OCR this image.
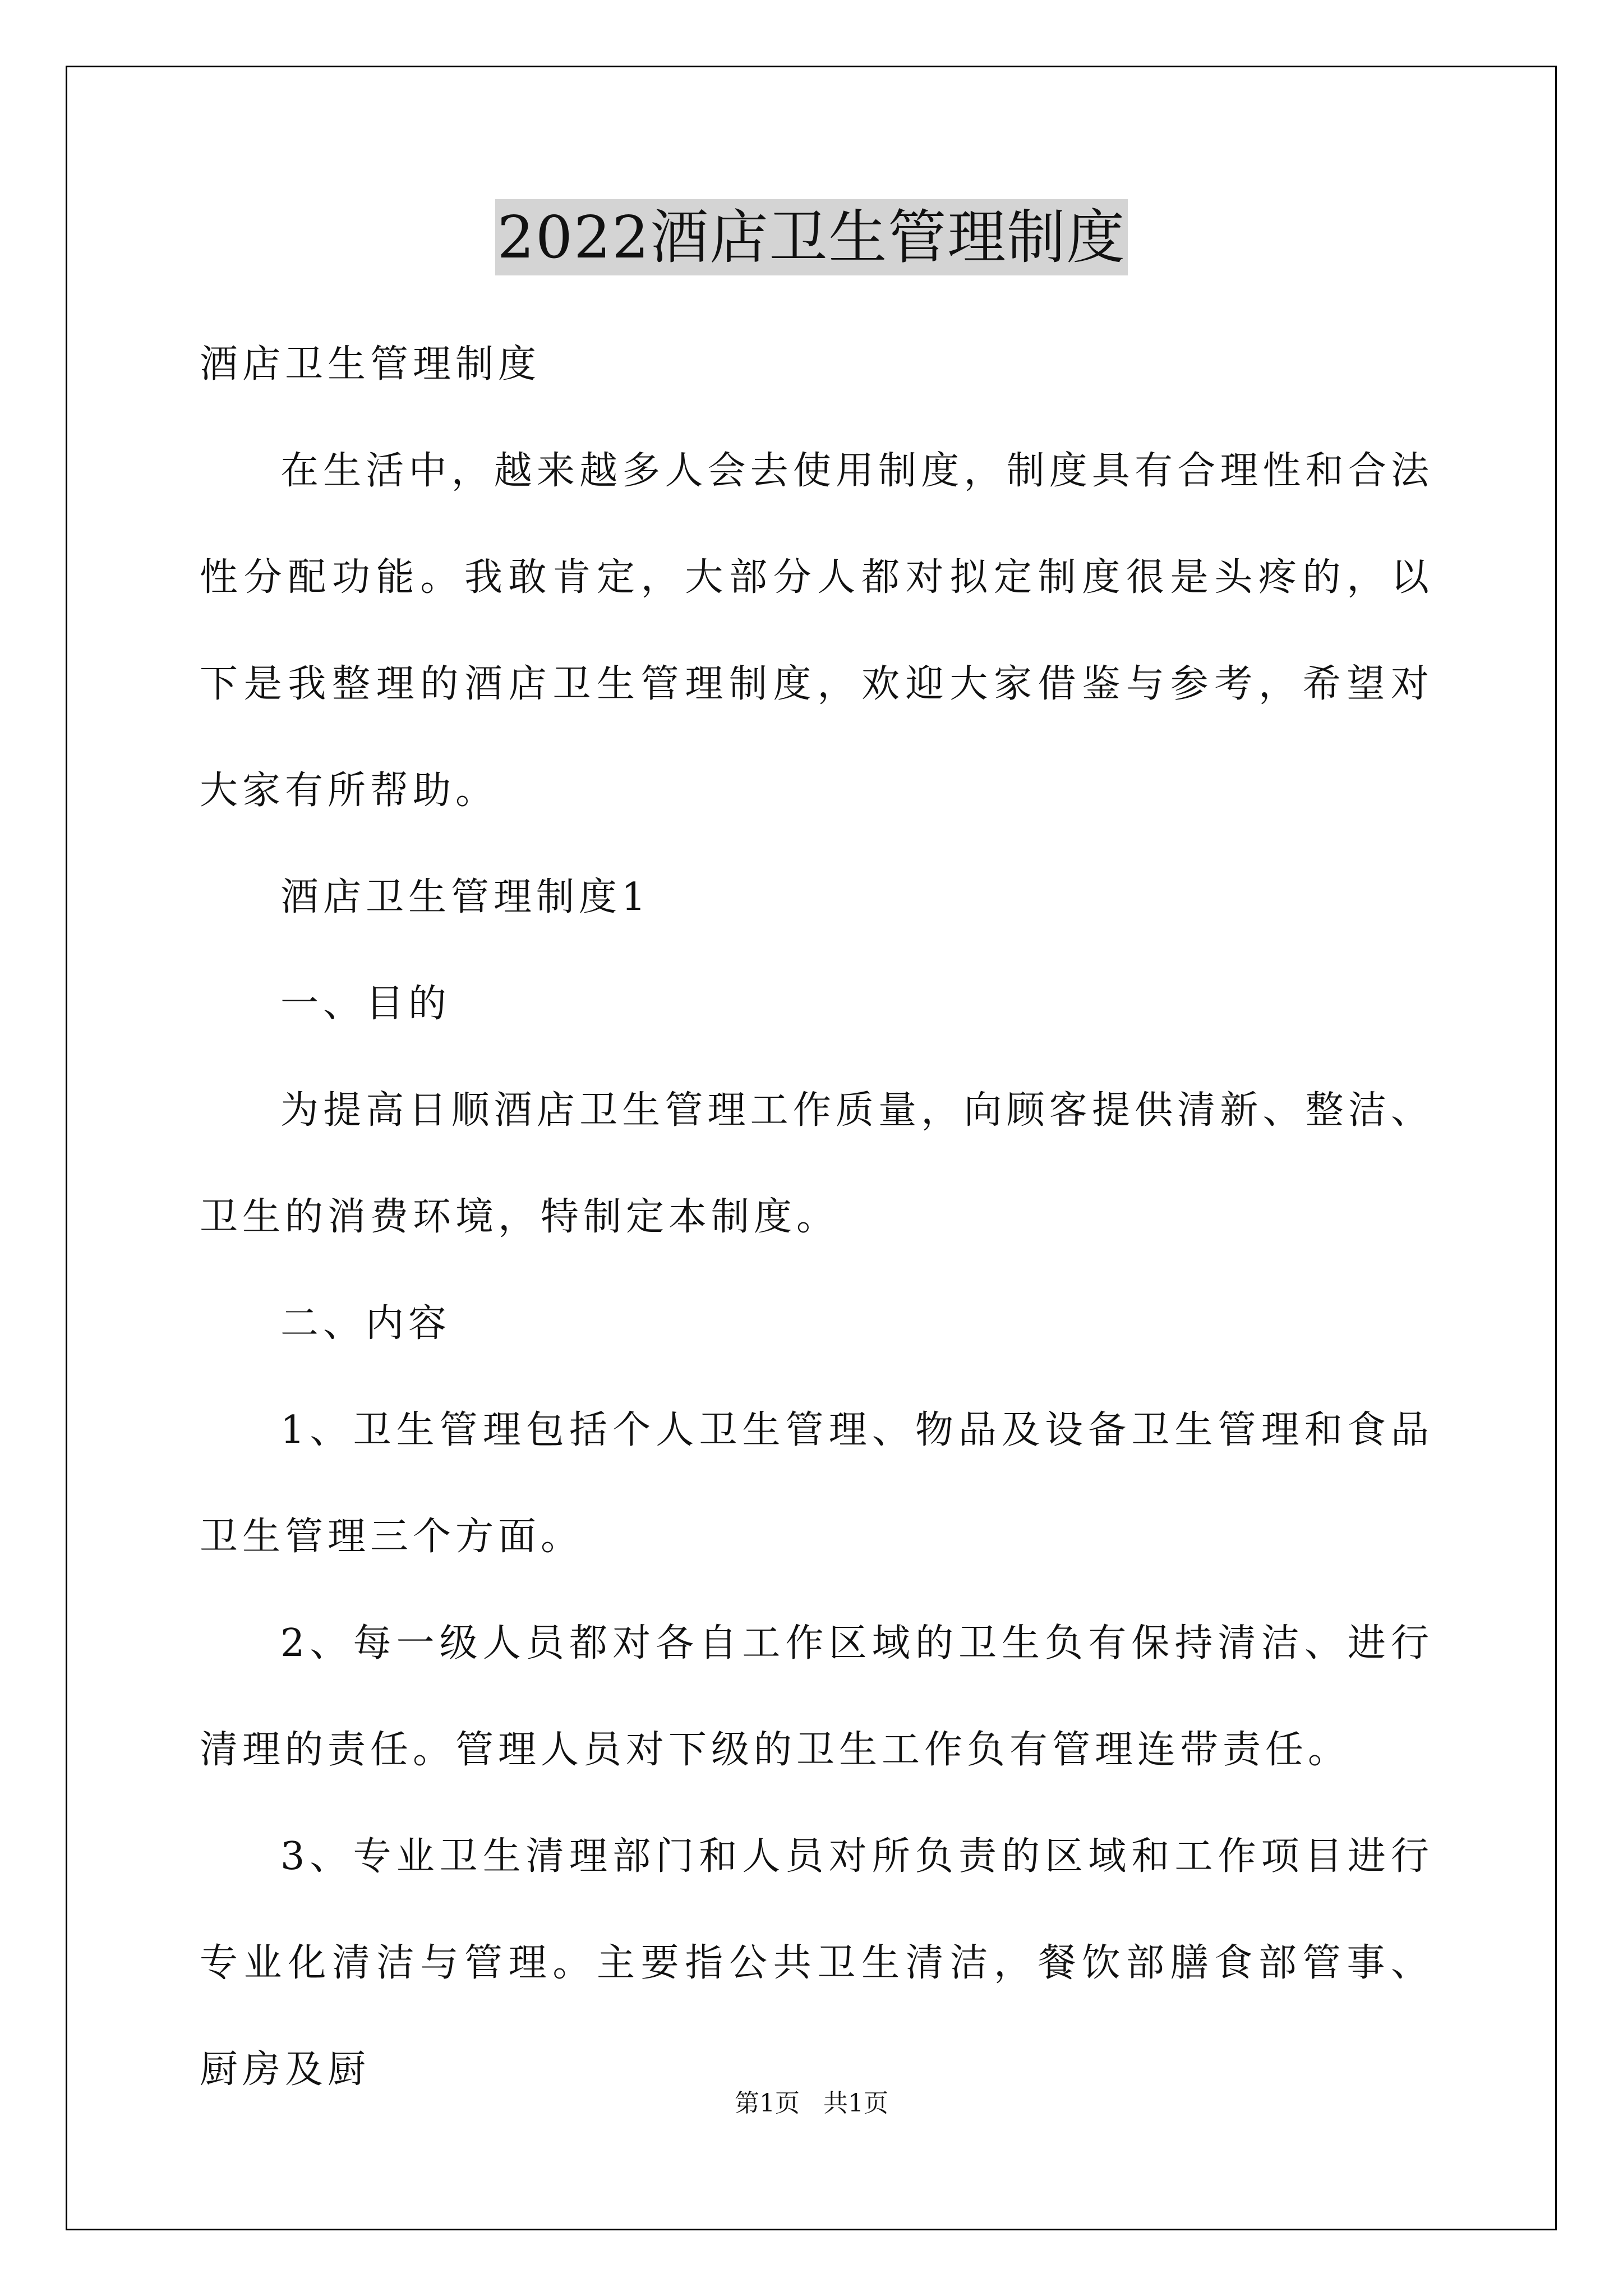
2022酒店卫生管理制度

酒店卫生管理制度

在生活中，越来越多人会去使用制度，制度具有合理性和合法性分配功能。我敢肯定，大部分人都对拟定制度很是头疼的，以下是我整理的酒店卫生管理制度，欢迎大家借鉴与参考，希望对大家有所帮助。

酒店卫生管理制度1

一、目的

为提高日顺酒店卫生管理工作质量，向顾客提供清新、整洁、卫生的消费环境，特制定本制度。

二、内容

1、卫生管理包括个人卫生管理、物品及设备卫生管理和食品卫生管理三个方面。

2、每一级人员都对各自工作区域的卫生负有保持清洁、进行清理的责任。管理人员对下级的卫生工作负有管理连带责任。

3、专业卫生清理部门和人员对所负责的区域和工作项目进行专业化清洁与管理。主要指公共卫生清洁，餐饮部膳食部管事、厨房及厨

第1页 共1页
